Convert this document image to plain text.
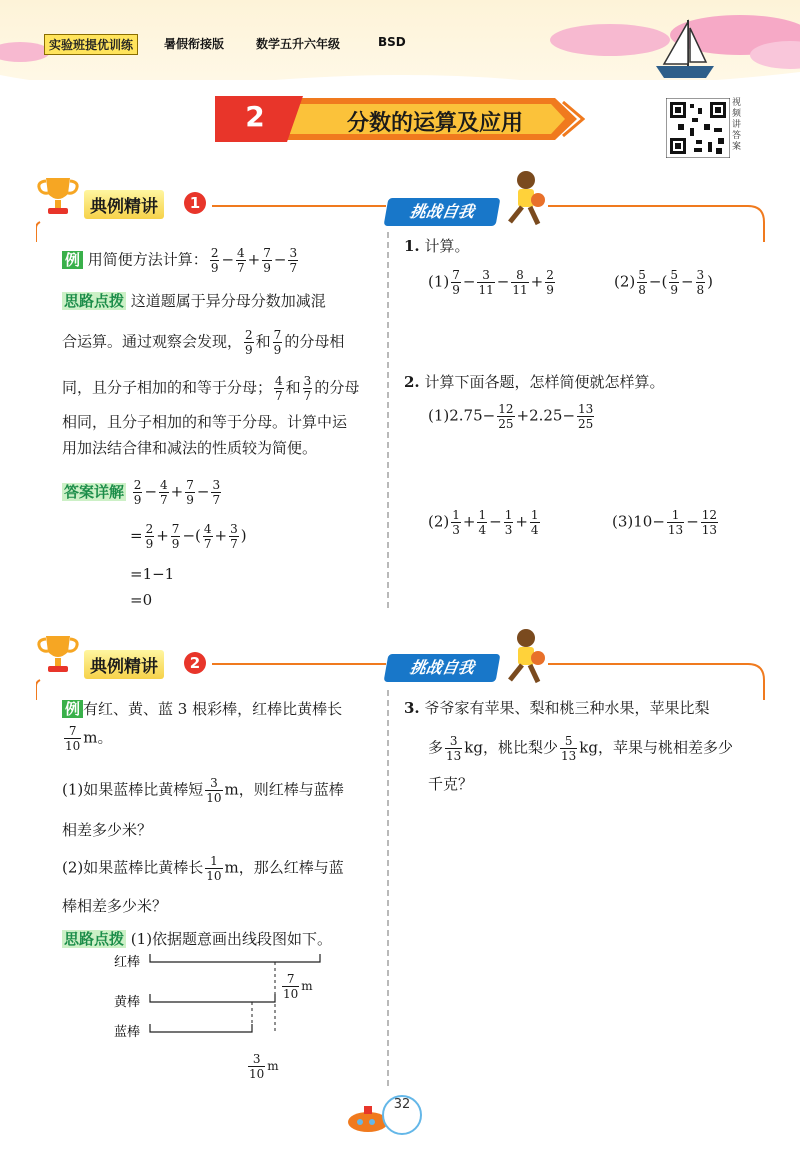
实验班提优训练	暑假衔接版	数学五升六年级	BSD
2	分数的运算及应用
视
频
讲
答
案
典例精讲	1
例 用简便方法计算： $\frac{2}{9} - \frac{4}{7} + \frac{7}{9} - \frac{3}{7}$
思路点拨 这道题属于异分母分数加减混
合运算。通过观察会发现， $\frac{2}{9}$ 和 $\frac{7}{9}$ 的分母相
同，且分子相加的和等于分母； $\frac{4}{7}$ 和 $\frac{3}{7}$ 的分母
相同，且分子相加的和等于分母。计算中运
用加法结合律和减法的性质较为简便。
答案详解 $\frac{2}{9} - \frac{4}{7} + \frac{7}{9} - \frac{3}{7}$
= $\frac{2}{9} + \frac{7}{9}$ −( $\frac{4}{7} + \frac{3}{7}$ )
=1−1
=0
挑战自我
1. 计算。
$(1) \frac{7}{9} - \frac{3}{11} - \frac{8}{11} + \frac{2}{9}$	$(2) \frac{5}{8}$ −( $\frac{5}{9} - \frac{3}{8}$ )
2. 计算下面各题，怎样简便就怎样算。
$(1)2.75- \frac{12}{25} +2.25- \frac{13}{25}$
$(2) \frac{1}{3} + \frac{1}{4} - \frac{1}{3} + \frac{1}{4}$	$(3)10- \frac{1}{13} - \frac{12}{13}$
典例精讲	2
例 有红、黄、蓝 3 根彩棒，红棒比黄棒长
$\frac{7}{10}$ m。
(1)如果蓝棒比黄棒短 $\frac{3}{10}$ m，则红棒与蓝棒
相差多少米？
(2)如果蓝棒比黄棒长 $\frac{1}{10}$ m，那么红棒与蓝
棒相差多少米？
思路点拨 (1)依据题意画出线段图如下。
红棒
黄棒
蓝棒
$\frac{7}{10}$ m
$\frac{3}{10}$ m
挑战自我
3. 爷爷家有苹果、梨和桃三种水果，苹果比梨
多 $\frac{3}{13}$ kg，桃比梨少 $\frac{5}{13}$ kg，苹果与桃相差多少
千克？
32
